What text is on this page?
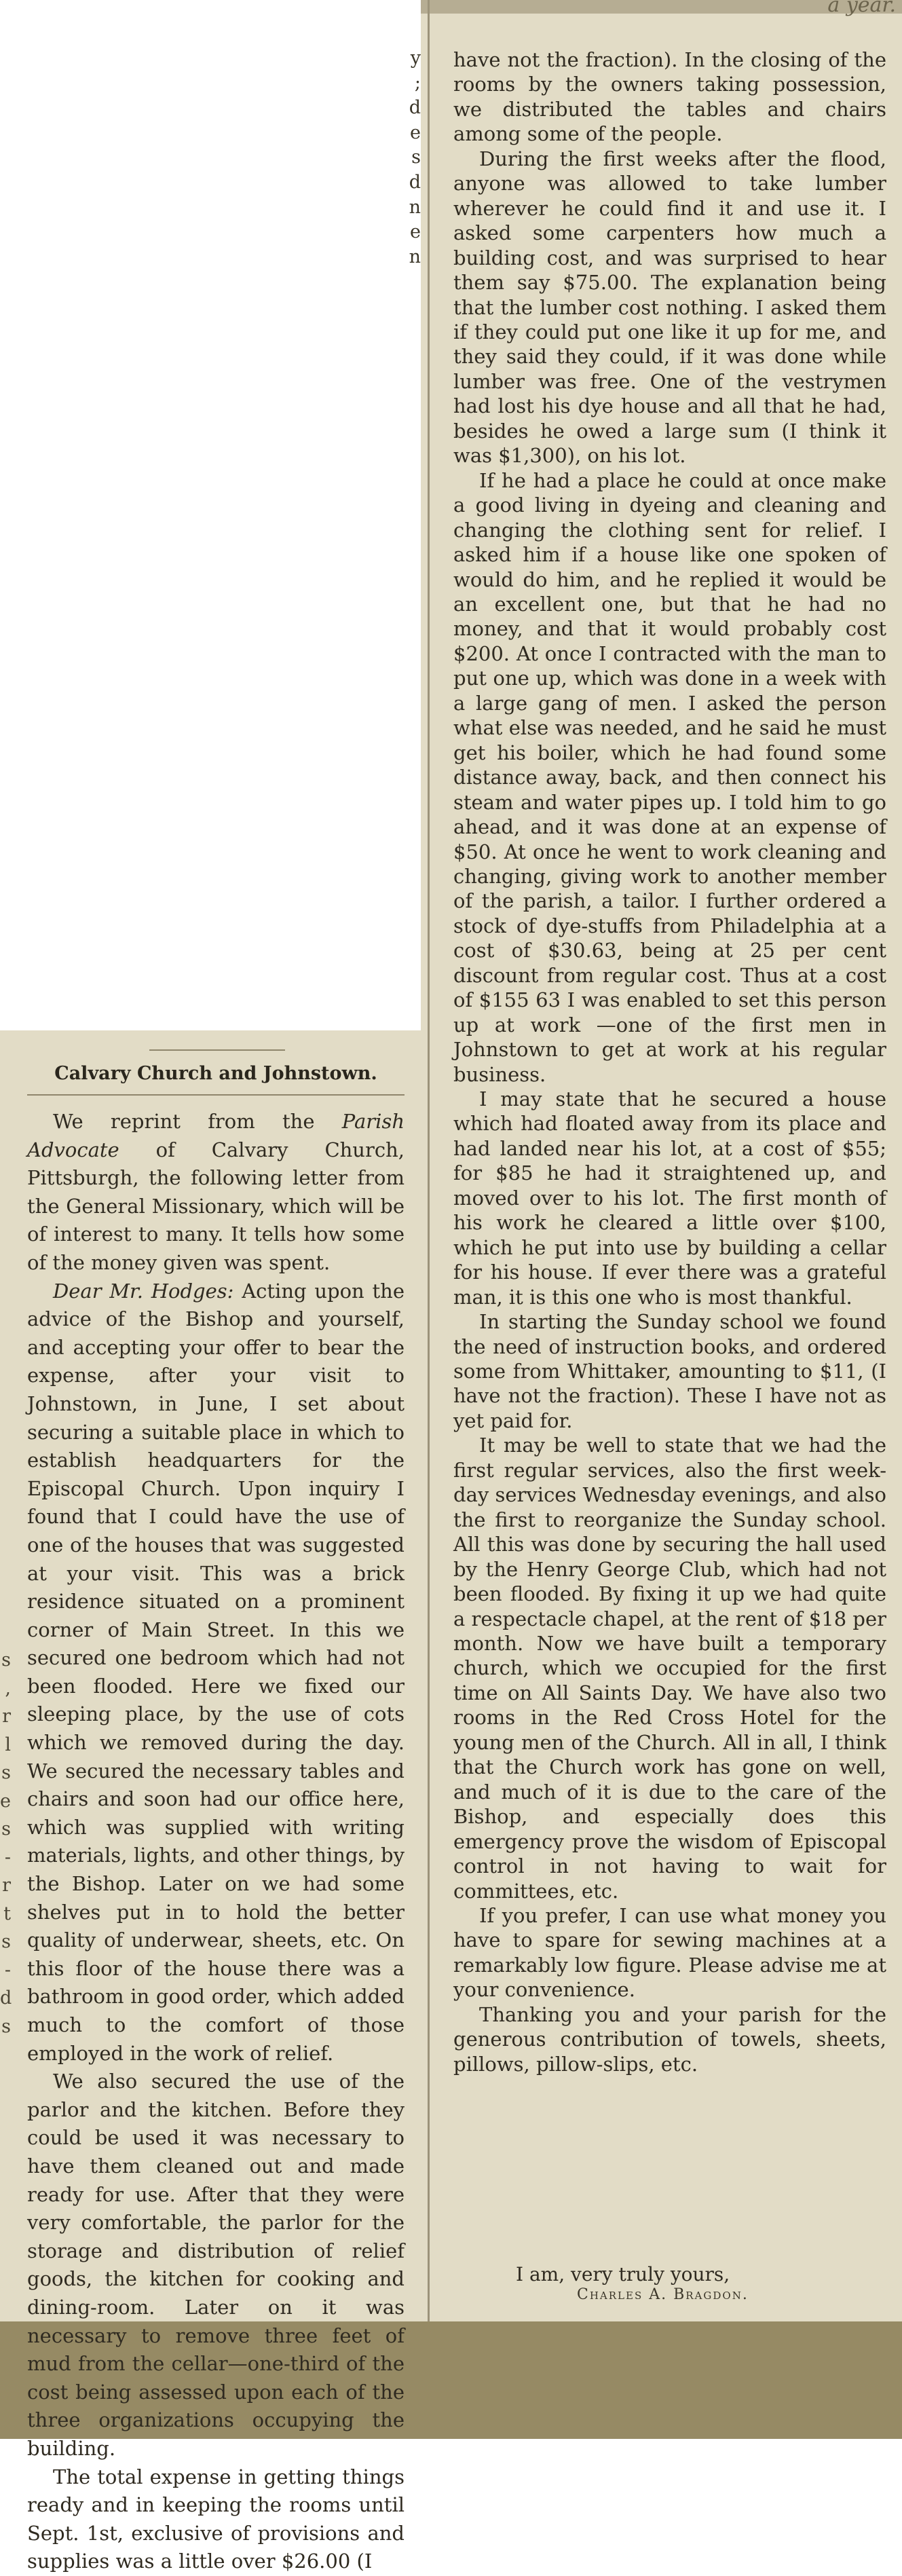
a year.
y
;
d
e
s
d
n
e
n
s
,
r
l
s
e
s
-
r
t
s
-
d
s

have not the fraction). In the closing of the rooms by the owners taking possession, we distributed the tables and chairs among some of the people.

During the first weeks after the flood, anyone was allowed to take lumber wherever he could find it and use it. I asked some carpenters how much a building cost, and was surprised to hear them say $75.00. The explanation being that the lumber cost nothing. I asked them if they could put one like it up for me, and they said they could, if it was done while lumber was free. One of the vestrymen had lost his dye house and all that he had, besides he owed a large sum (I think it was $1,300), on his lot.

If he had a place he could at once make a good living in dyeing and cleaning and changing the clothing sent for relief. I asked him if a house like one spoken of would do him, and he replied it would be an excellent one, but that he had no money, and that it would probably cost $200. At once I contracted with the man to put one up, which was done in a week with a large gang of men. I asked the person what else was needed, and he said he must get his boiler, which he had found some distance away, back, and then connect his steam and water pipes up. I told him to go ahead, and it was done at an expense of $50. At once he went to work cleaning and changing, giving work to another member of the parish, a tailor. I further ordered a stock of dye-stuffs from Philadelphia at a cost of $30.63, being at 25 per cent discount from regular cost. Thus at a cost of $155 63 I was enabled to set this person up at work —one of the first men in Johnstown to get at work at his regular business.

I may state that he secured a house which had floated away from its place and had landed near his lot, at a cost of $55; for $85 he had it straightened up, and moved over to his lot. The first month of his work he cleared a little over $100, which he put into use by building a cellar for his house. If ever there was a grateful man, it is this one who is most thankful.

In starting the Sunday school we found the need of instruction books, and ordered some from Whittaker, amounting to $11, (I have not the fraction). These I have not as yet paid for.

It may be well to state that we had the first regular services, also the first week-day services Wednesday evenings, and also the first to reorganize the Sunday school. All this was done by securing the hall used by the Henry George Club, which had not been flooded. By fixing it up we had quite a respectacle chapel, at the rent of $18 per month. Now we have built a temporary church, which we occupied for the first time on All Saints Day. We have also two rooms in the Red Cross Hotel for the young men of the Church. All in all, I think that the Church work has gone on well, and much of it is due to the care of the Bishop, and especially does this emergency prove the wisdom of Episcopal control in not having to wait for committees, etc.

If you prefer, I can use what money you have to spare for sewing machines at a remarkably low figure. Please advise me at your convenience.

Thanking you and your parish for the generous contribution of towels, sheets, pillows, pillow-slips, etc.

I am, very truly yours,
Charles A. Bragdon.
Calvary Church and Johnstown.

We reprint from the Parish Advocate of Calvary Church, Pittsburgh, the following letter from the General Missionary, which will be of interest to many. It tells how some of the money given was spent.

Dear Mr. Hodges: Acting upon the advice of the Bishop and yourself, and accepting your offer to bear the expense, after your visit to Johnstown, in June, I set about securing a suitable place in which to establish headquarters for the Episcopal Church. Upon inquiry I found that I could have the use of one of the houses that was suggested at your visit. This was a brick residence situated on a prominent corner of Main Street. In this we secured one bedroom which had not been flooded. Here we fixed our sleeping place, by the use of cots which we removed during the day. We secured the necessary tables and chairs and soon had our office here, which was supplied with writing materials, lights, and other things, by the Bishop. Later on we had some shelves put in to hold the better quality of underwear, sheets, etc. On this floor of the house there was a bathroom in good order, which added much to the comfort of those employed in the work of relief.

We also secured the use of the parlor and the kitchen. Before they could be used it was necessary to have them cleaned out and made ready for use. After that they were very comfortable, the parlor for the storage and distribution of relief goods, the kitchen for cooking and dining-room. Later on it was necessary to remove three feet of mud from the cellar—one-third of the cost being assessed upon each of the three organizations occupying the building.

The total expense in getting things ready and in keeping the rooms until Sept. 1st, exclusive of provisions and supplies was a little over $26.00 (I
